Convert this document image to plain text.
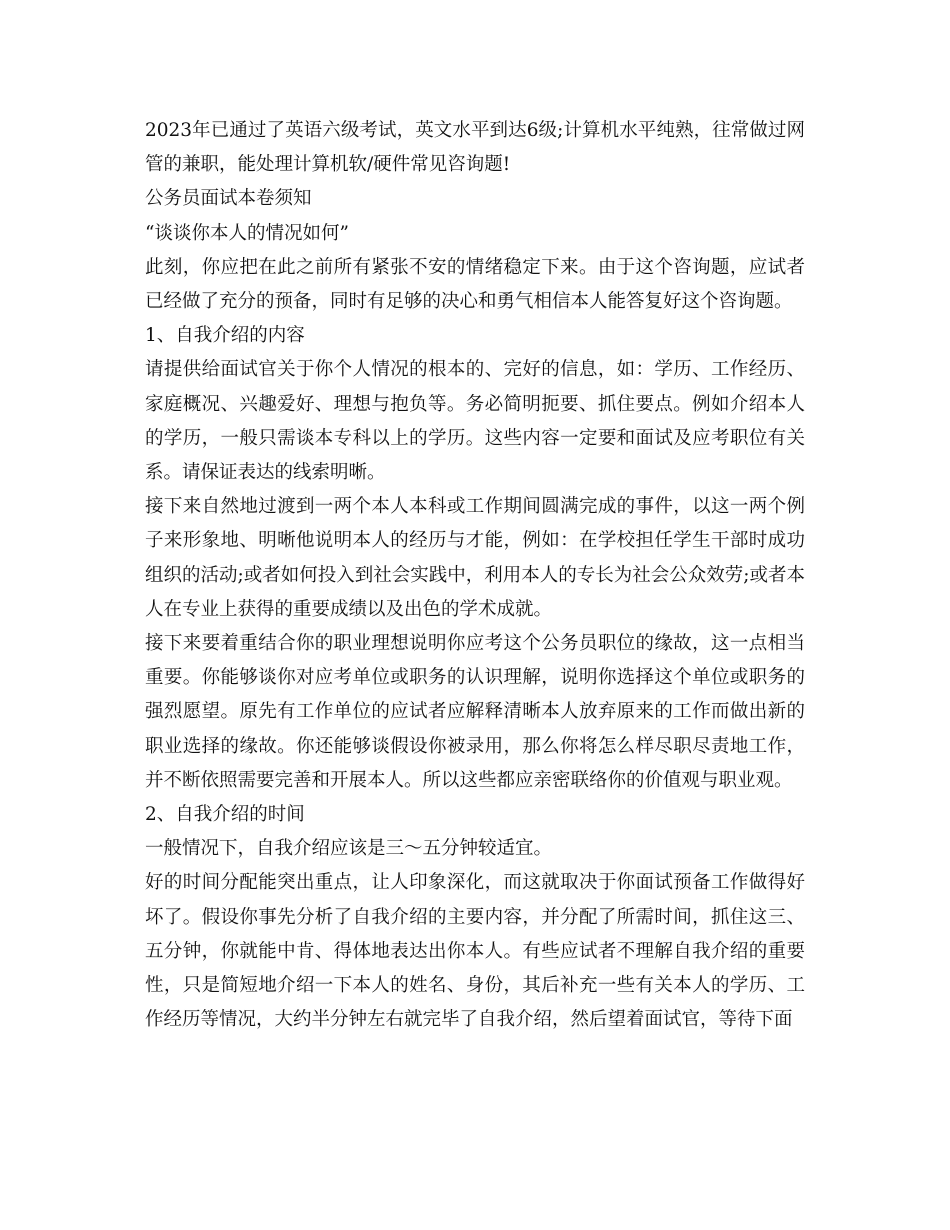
2023年已通过了英语六级考试，英文水平到达6级;计算机水平纯熟，往常做过网管的兼职，能处理计算机软/硬件常见咨询题!

公务员面试本卷须知

“谈谈你本人的情况如何”

此刻，你应把在此之前所有紧张不安的情绪稳定下来。由于这个咨询题，应试者已经做了充分的预备，同时有足够的决心和勇气相信本人能答复好这个咨询题。

1、自我介绍的内容

请提供给面试官关于你个人情况的根本的、完好的信息，如：学历、工作经历、家庭概况、兴趣爱好、理想与抱负等。务必简明扼要、抓住要点。例如介绍本人的学历，一般只需谈本专科以上的学历。这些内容一定要和面试及应考职位有关系。请保证表达的线索明晰。

接下来自然地过渡到一两个本人本科或工作期间圆满完成的事件，以这一两个例子来形象地、明晰他说明本人的经历与才能，例如：在学校担任学生干部时成功组织的活动;或者如何投入到社会实践中，利用本人的专长为社会公众效劳;或者本人在专业上获得的重要成绩以及出色的学术成就。

接下来要着重结合你的职业理想说明你应考这个公务员职位的缘故，这一点相当重要。你能够谈你对应考单位或职务的认识理解，说明你选择这个单位或职务的强烈愿望。原先有工作单位的应试者应解释清晰本人放弃原来的工作而做出新的职业选择的缘故。你还能够谈假设你被录用，那么你将怎么样尽职尽责地工作，并不断依照需要完善和开展本人。所以这些都应亲密联络你的价值观与职业观。

2、自我介绍的时间

一般情况下，自我介绍应该是三～五分钟较适宜。

好的时间分配能突出重点，让人印象深化，而这就取决于你面试预备工作做得好坏了。假设你事先分析了自我介绍的主要内容，并分配了所需时间，抓住这三、五分钟，你就能中肯、得体地表达出你本人。有些应试者不理解自我介绍的重要性，只是简短地介绍一下本人的姓名、身份，其后补充一些有关本人的学历、工作经历等情况，大约半分钟左右就完毕了自我介绍，然后望着面试官，等待下面
